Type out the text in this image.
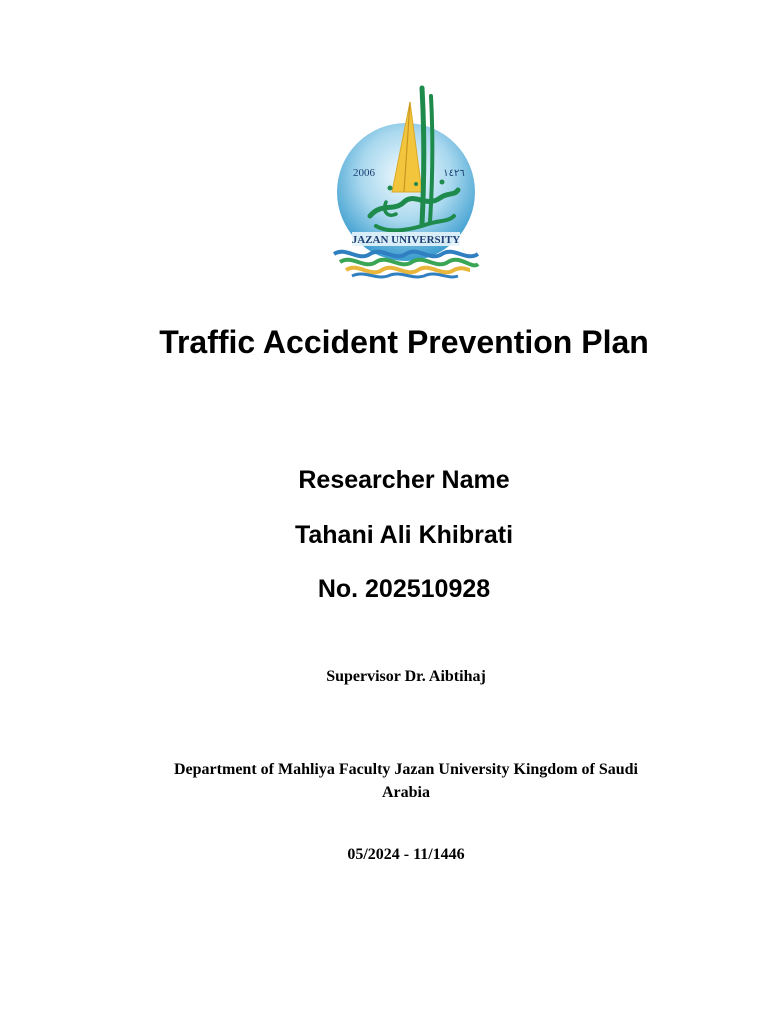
2006	١٤٢٦
JAZAN UNIVERSITY
Traffic Accident Prevention Plan

Researcher Name

Tahani Ali Khibrati

No. 202510928

Supervisor Dr. Aibtihaj

Department of Mahliya Faculty Jazan University Kingdom of Saudi Arabia

05/2024 - 11/1446
